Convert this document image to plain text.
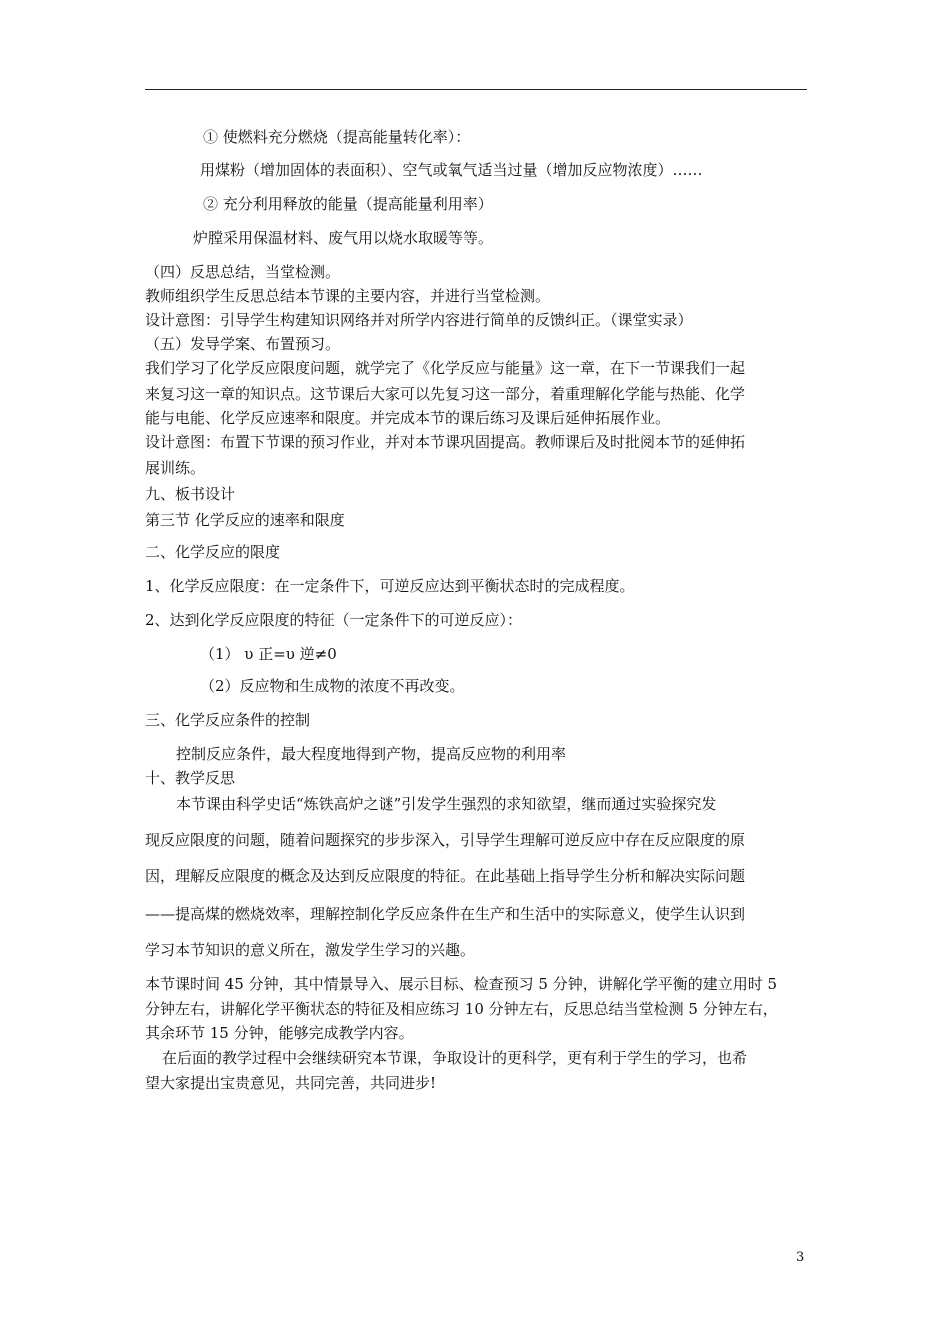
① 使燃料充分燃烧（提高能量转化率）：
用煤粉（增加固体的表面积）、空气或氧气适当过量（增加反应物浓度）……
② 充分利用释放的能量（提高能量利用率）
炉膛采用保温材料、废气用以烧水取暖等等。
（四）反思总结，当堂检测。
教师组织学生反思总结本节课的主要内容，并进行当堂检测。
设计意图：引导学生构建知识网络并对所学内容进行简单的反馈纠正。（课堂实录）
（五）发导学案、布置预习。
我们学习了化学反应限度问题，就学完了《化学反应与能量》这一章，在下一节课我们一起
来复习这一章的知识点。这节课后大家可以先复习这一部分，着重理解化学能与热能、化学
能与电能、化学反应速率和限度。并完成本节的课后练习及课后延伸拓展作业。
设计意图：布置下节课的预习作业，并对本节课巩固提高。教师课后及时批阅本节的延伸拓
展训练。
九、板书设计
第三节 化学反应的速率和限度
二、化学反应的限度
1、化学反应限度：在一定条件下，可逆反应达到平衡状态时的完成程度。
2、达到化学反应限度的特征（一定条件下的可逆反应）：
（1） υ 正=υ 逆≠0
（2）反应物和生成物的浓度不再改变。
三、化学反应条件的控制
控制反应条件，最大程度地得到产物，提高反应物的利用率
十、教学反思
本节课由科学史话“炼铁高炉之谜”引发学生强烈的求知欲望，继而通过实验探究发
现反应限度的问题，随着问题探究的步步深入，引导学生理解可逆反应中存在反应限度的原
因，理解反应限度的概念及达到反应限度的特征。在此基础上指导学生分析和解决实际问题
——提高煤的燃烧效率，理解控制化学反应条件在生产和生活中的实际意义，使学生认识到
学习本节知识的意义所在，激发学生学习的兴趣。
本节课时间 45 分钟，其中情景导入、展示目标、检查预习 5 分钟，讲解化学平衡的建立用时 5
分钟左右，讲解化学平衡状态的特征及相应练习 10 分钟左右，反思总结当堂检测 5 分钟左右，
其余环节 15 分钟，能够完成教学内容。
在后面的教学过程中会继续研究本节课，争取设计的更科学，更有利于学生的学习，也希
望大家提出宝贵意见，共同完善，共同进步!
3
